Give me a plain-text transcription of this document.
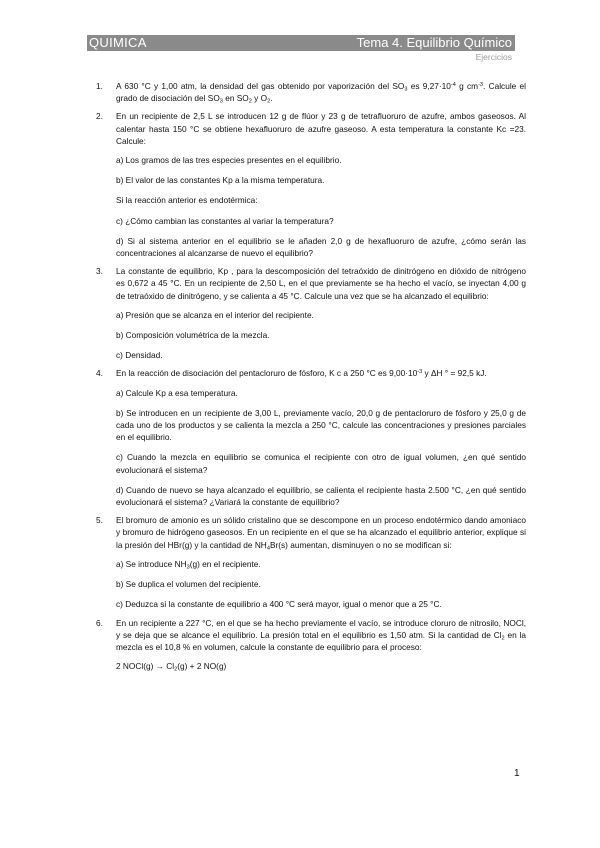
QUIMICA	Tema 4. Equilibrio Químico
Ejercicios
1. A 630 °C y 1,00 atm, la densidad del gas obtenido por vaporización del $SO_3$ es $9,27\cdot 10^{-4}$ g $cm^{-3}$. Calcule el grado de disociación del $SO_3$ en $SO_2$ y $O_2$.
2. En un recipiente de 2,5 L se introducen 12 g de flúor y 23 g de tetrafluoruro de azufre, ambos gaseosos. Al calentar hasta 150 °C se obtiene hexafluoruro de azufre gaseoso. A esta temperatura la constante Kc =23. Calcule:
a) Los gramos de las tres especies presentes en el equilibrio.
b) El valor de las constantes Kp a la misma temperatura.
Si la reacción anterior es endotérmica:
c) ¿Cómo cambian las constantes al variar la temperatura?
d) Si al sistema anterior en el equilibrio se le añaden 2,0 g de hexafluoruro de azufre, ¿cómo serán las concentraciones al alcanzarse de nuevo el equilibrio?
3. La constante de equilibrio, Kp , para la descomposición del tetraóxido de dinitrógeno en dióxido de nitrógeno es 0,672 a 45 °C. En un recipiente de 2,50 L, en el que previamente se ha hecho el vacío, se inyectan 4,00 g de tetraóxido de dinitrógeno, y se calienta a 45 °C. Calcule una vez que se ha alcanzado el equilibrio:
a) Presión que se alcanza en el interior del recipiente.
b) Composición volumétrica de la mezcla.
c) Densidad.
4. En la reacción de disociación del pentacloruro de fósforo, K c a 250 °C es $9,00\cdot 10^{-3}$ y ΔH ° = 92,5 kJ.
a) Calcule Kp a esa temperatura.
b) Se introducen en un recipiente de 3,00 L, previamente vacío, 20,0 g de pentacloruro de fósforo y 25,0 g de cada uno de los productos y se calienta la mezcla a 250 °C, calcule las concentraciones y presiones parciales en el equilibrio.
c) Cuando la mezcla en equilibrio se comunica el recipiente con otro de igual volumen, ¿en qué sentido evolucionará el sistema?
d) Cuando de nuevo se haya alcanzado el equilibrio, se calienta el recipiente hasta 2.500 °C, ¿en qué sentido evolucionará el sistema? ¿Variará la constante de equilibrio?
5. El bromuro de amonio es un sólido cristalino que se descompone en un proceso endotérmico dando amoniaco y bromuro de hidrógeno gaseosos. En un recipiente en el que se ha alcanzado el equilibrio anterior, explique si la presión del HBr(g) y la cantidad de $NH_4Br(s)$ aumentan, disminuyen o no se modifican si:
a) Se introduce $NH_3(g)$ en el recipiente.
b) Se duplica el volumen del recipiente.
c) Deduzca si la constante de equilibrio a 400 °C será mayor, igual o menor que a 25 °C.
6. En un recipiente a 227 °C, en el que se ha hecho previamente el vacío, se introduce cloruro de nitrosilo, NOCl, y se deja que se alcance el equilibrio. La presión total en el equilibrio es 1,50 atm. Si la cantidad de $Cl_2$ en la mezcla es el 10,8 % en volumen, calcule la constante de equilibrio para el proceso:
2 NOCl(g) → $Cl_2(g) + 2$ NO(g)
1
